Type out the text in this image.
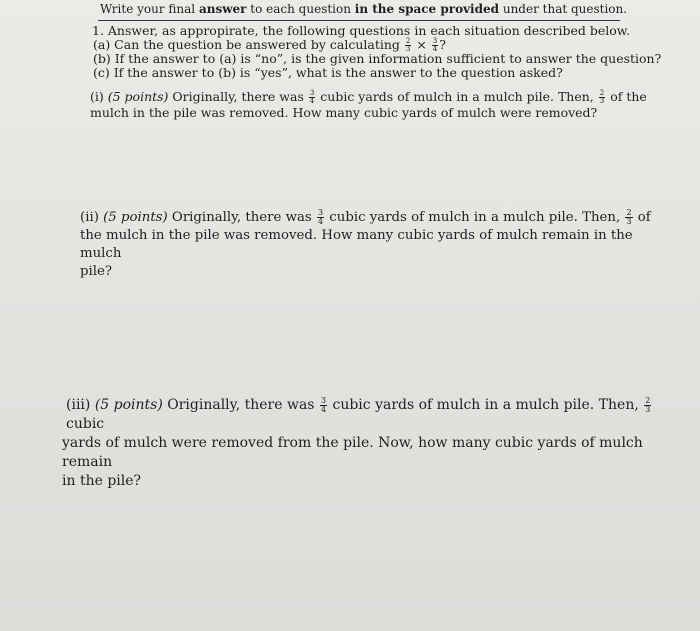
Write your final answer to each question in the space provided under that question.
1. Answer, as appropirate, the following questions in each situation described below.
(a) Can the question be answered by calculating $\frac{2}{3} \times \frac{3}{4}$ ?
(b) If the answer to (a) is “no”, is the given information sufficient to answer the question?
(c) If the answer to (b) is “yes”, what is the answer to the question asked?
(i) (5 points) Originally, there was $\frac{3}{4}$ cubic yards of mulch in a mulch pile. Then, $\frac{2}{3}$ of the
mulch in the pile was removed. How many cubic yards of mulch were removed?
(ii) (5 points) Originally, there was $\frac{3}{4}$ cubic yards of mulch in a mulch pile. Then, $\frac{2}{3}$ of
the mulch in the pile was removed. How many cubic yards of mulch remain in the mulch
pile?
(iii) (5 points) Originally, there was $\frac{3}{4}$ cubic yards of mulch in a mulch pile. Then, $\frac{2}{3}$
cubic
yards of mulch were removed from the pile. Now, how many cubic yards of mulch remain
in the pile?
